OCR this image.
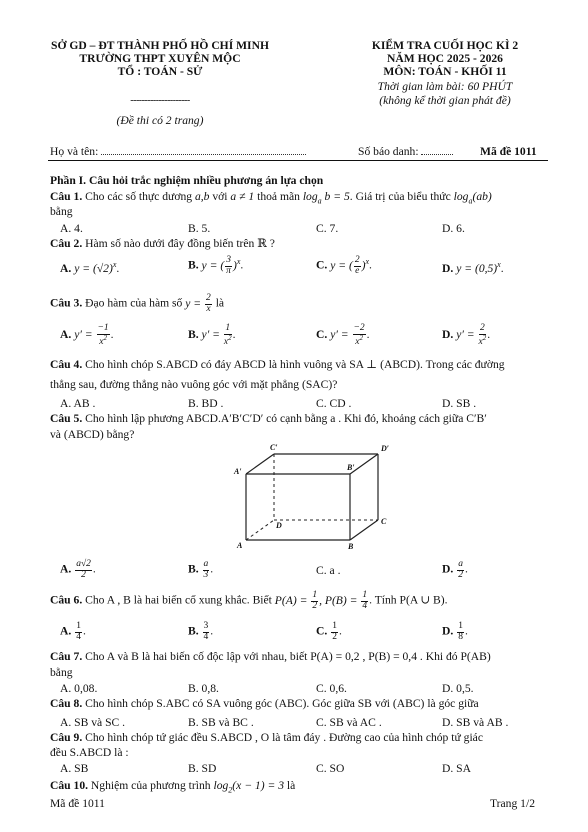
SỞ GD – ĐT THÀNH PHỐ HỒ CHÍ MINH
TRƯỜNG THPT XUYÊN MỘC
TỔ : TOÁN - SỬ
---------------------
(Đề thi có 2 trang)
KIỂM TRA CUỐI HỌC KÌ 2
NĂM HỌC 2025 - 2026
MÔN: TOÁN - KHỐI 11
Thời gian làm bài: 60 PHÚT
(không kể thời gian phát đề)
Họ và tên:	Số báo danh:	Mã đề 1011
Phần I. Câu hỏi trắc nghiệm nhiều phương án lựa chọn
Câu 1. Cho các số thực dương a,b với a ≠ 1 thoả mãn $\log_a b = 5$. Giá trị của biểu thức $\log_a(ab)$
bằng
A. 4.	B. 5.	C. 7.	D. 6.
Câu 2. Hàm số nào dưới đây đồng biến trên ℝ ?
A. $y = (√2)^x$.	B. y = ( $\frac{3}{\pi} )^x$.	C. y = ( $\frac{2}{e} )^x$.	D. $y = (0,5)^x$.
Câu 3. Đạo hàm của hàm số $y = \frac{2}{x}$ là
A. $y' = \frac{-1}{x^2}$ .	B. $y' = \frac{1}{x^2}$ .	C. $y' = \frac{-2}{x^2}$ .	D. $y' = \frac{2}{x^2}$ .
Câu 4. Cho hình chóp S.ABCD có đáy ABCD là hình vuông và SA ⊥ (ABCD). Trong các đường
thẳng sau, đường thẳng nào vuông góc với mặt phẳng (SAC)?
A. AB .	B. BD .	C. CD .	D. SB .
Câu 5. Cho hình lập phương ABCD.A′B′C′D′ có cạnh bằng a . Khi đó, khoảng cách giữa C′B′
và (ABCD) bằng?
C′	D′
A′	B′
D	C
A	B
A. $\frac{a√2}{2}$ .	B. $\frac{a}{3}$ .	C. a .	D. $\frac{a}{2}$ .
Câu 6. Cho A , B là hai biến cố xung khắc. Biết $P(A) = \frac{1}{2}$ , $P(B) = \frac{1}{4}$ . Tính P(A ∪ B).
A. $\frac{1}{4}$ .	B. $\frac{3}{4}$ .	C. $\frac{1}{2}$ .	D. $\frac{1}{8}$ .
Câu 7. Cho A và B là hai biến cố độc lập với nhau, biết P(A) = 0,2 , P(B) = 0,4 . Khi đó P(AB)
bằng
A. 0,08.	B. 0,8.	C. 0,6.	D. 0,5.
Câu 8. Cho hình chóp S.ABC có SA vuông góc (ABC). Góc giữa SB với (ABC) là góc giữa
A. SB và SC .	B. SB và BC .	C. SB và AC .	D. SB và AB .
Câu 9. Cho hình chóp tứ giác đều S.ABCD , O là tâm đáy . Đường cao của hình chóp tứ giác
đều S.ABCD là :
A. SB	B. SD	C. SO	D. SA
Câu 10. Nghiệm của phương trình $\log_2(x - 1) = 3$ là
Mã đề 1011	Trang 1/2
